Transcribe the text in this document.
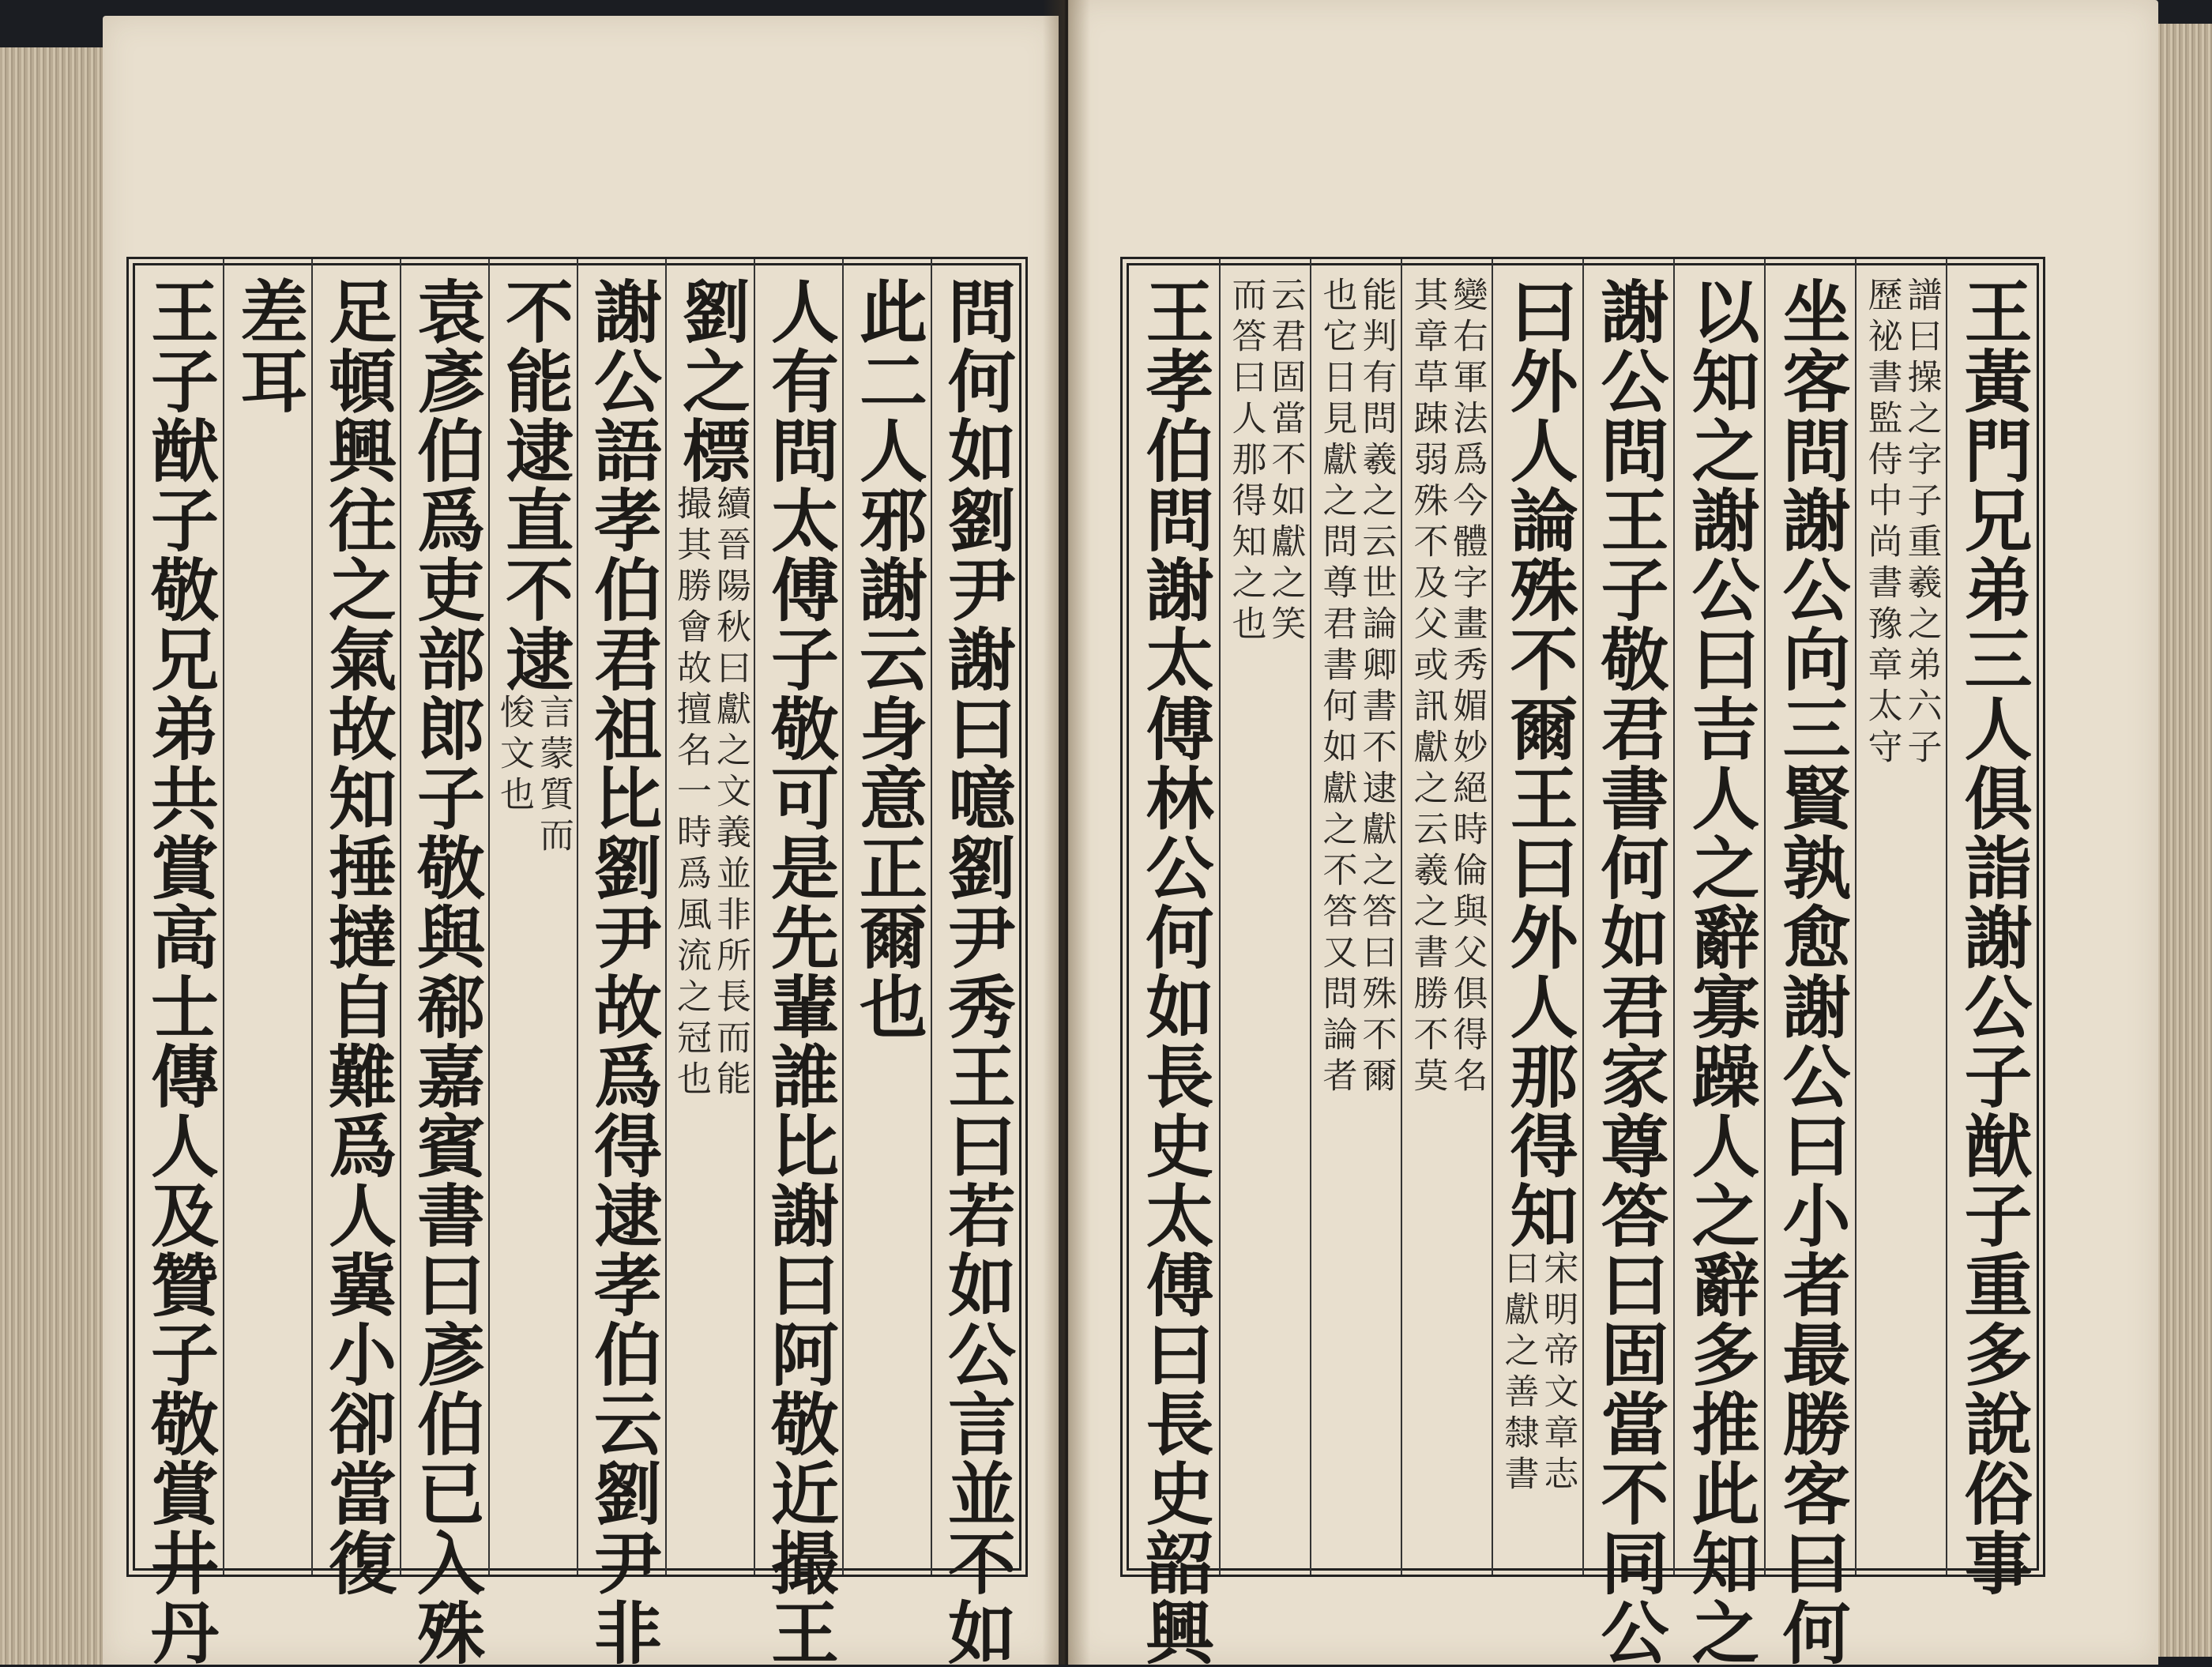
問何如劉尹謝曰噫劉尹秀王曰若如公言並不如
此二人邪謝云身意正爾也
人有問太傅子敬可是先輩誰比謝曰阿敬近撮王
劉之標
續晉陽秋曰獻之文義並非所長而能
撮其勝會故擅名一時爲風流之冠也
謝公語孝伯君祖比劉尹故爲得逮孝伯云劉尹非
不能逮直不逮
言蒙質而
悛文也
袁彥伯爲吏部郎子敬與郗嘉賓書曰彥伯已入殊
足頓興往之氣故知捶撻自難爲人冀小卻當復
差耳
王子猷子敬兄弟共賞高士傳人及贊子敬賞井丹	王黃門兄弟三人俱詣謝公子猷子重多說俗事
譜曰操之字子重羲之弟六子
歷祕書監侍中尚書豫章太守
坐客問謝公向三賢孰愈謝公曰小者最勝客曰何
以知之謝公曰吉人之辭寡躁人之辭多推此知之
謝公問王子敬君書何如君家尊答曰固當不同公
曰外人論殊不爾王曰外人那得知
宋明帝文章志
曰獻之善隸書
變右軍法爲今體字畫秀媚妙絕時倫與父俱得名
其章草踈弱殊不及父或訊獻之云羲之書勝不莫
能判有問羲之云世論卿書不逮獻之答曰殊不爾
也它日見獻之問尊君書何如獻之不答又問論者
云君固當不如獻之笑
而答曰人那得知之也
王孝伯問謝太傅林公何如長史太傅曰長史韶興
